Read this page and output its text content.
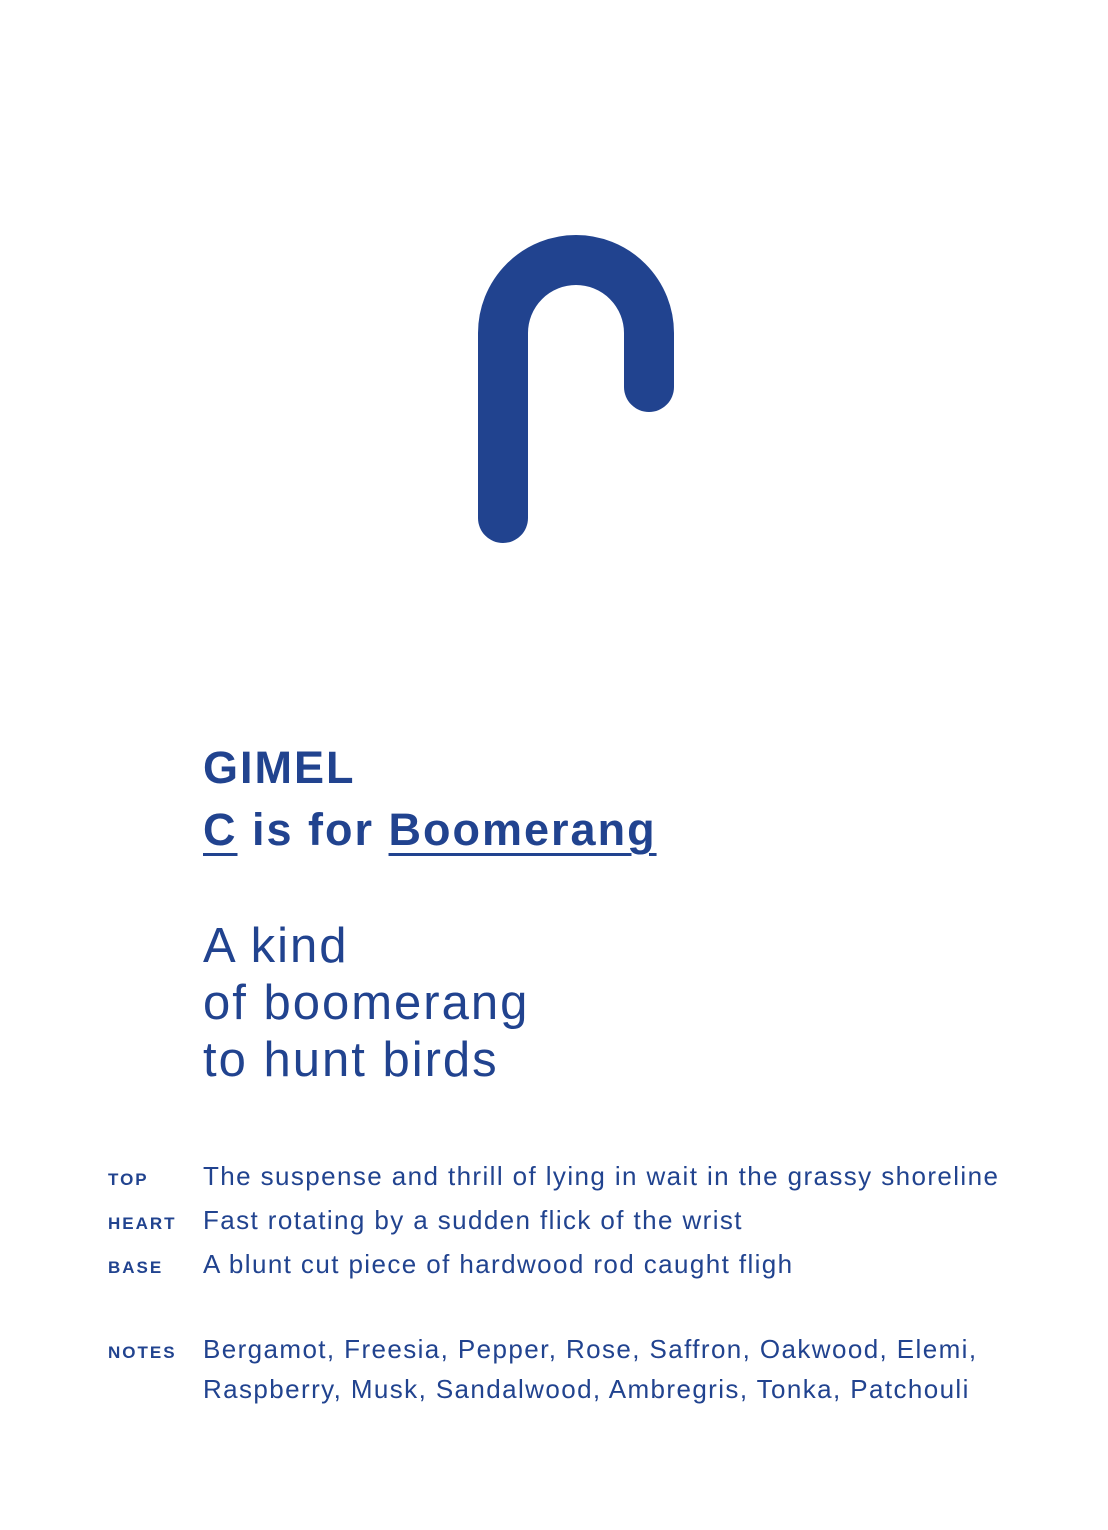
GIMEL
C is for Boomerang
A kind
of boomerang
to hunt birds
TOP	The suspense and thrill of lying in wait in the grassy shoreline
HEART	Fast rotating by a sudden flick of the wrist
BASE	A blunt cut piece of hardwood rod caught fligh
NOTES	Bergamot, Freesia, Pepper, Rose, Saffron, Oakwood, Elemi, Raspberry, Musk, Sandalwood, Ambregris, Tonka, Patchouli
